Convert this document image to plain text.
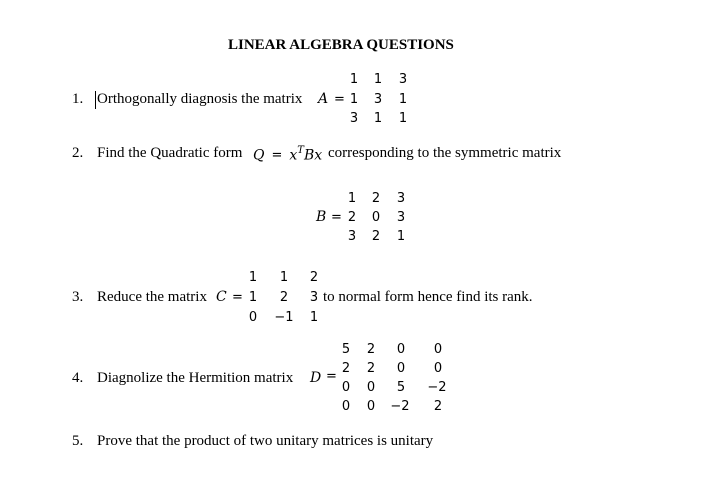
LINEAR ALGEBRA QUESTIONS
1. Orthogonally diagnosis the matrix A =
1	1	3
1	3	1
3	1	1
2. Find the Quadratic form $Q = x^TBx$ corresponding to the symmetric matrix
B =
1	2	3
2	0	3
3	2	1
3. Reduce the matrix C =
1	1	2
1	2	3
0	−1	1
to normal form hence find its rank.
4. Diagnolize the Hermition matrix D =
5	2	0	0
2	2	0	0
0	0	5	−2
0	0	−2	2
5. Prove that the product of two unitary matrices is unitary
